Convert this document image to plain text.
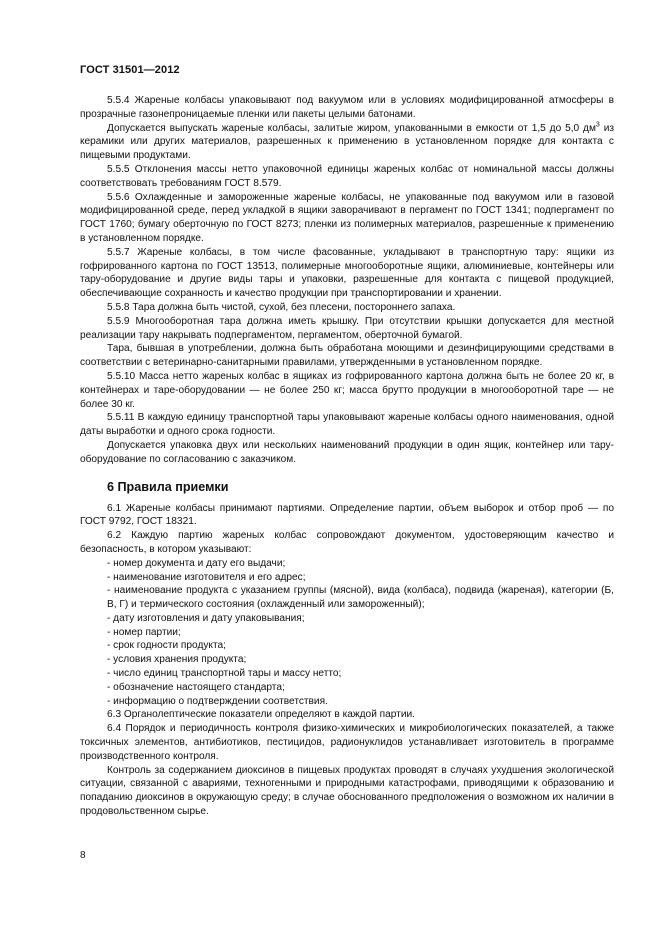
ГОСТ 31501—2012

5.5.4 Жареные колбасы упаковывают под вакуумом или в условиях модифицированной атмосферы в прозрачные газонепроницаемые пленки или пакеты целыми батонами.

Допускается выпускать жареные колбасы, залитые жиром, упакованными в емкости от 1,5 до 5,0 $дм^3$ из керамики или других материалов, разрешенных к применению в установленном порядке для контакта с пищевыми продуктами.

5.5.5 Отклонения массы нетто упаковочной единицы жареных колбас от номинальной массы должны соответствовать требованиям ГОСТ 8.579.

5.5.6 Охлажденные и замороженные жареные колбасы, не упакованные под вакуумом или в газовой модифицированной среде, перед укладкой в ящики заворачивают в пергамент по ГОСТ 1341; подпергамент по ГОСТ 1760; бумагу оберточную по ГОСТ 8273; пленки из полимерных материалов, разрешенные к применению в установленном порядке.

5.5.7 Жареные колбасы, в том числе фасованные, укладывают в транспортную тару: ящики из гофрированного картона по ГОСТ 13513, полимерные многооборотные ящики, алюминиевые, контейнеры или тару-оборудование и другие виды тары и упаковки, разрешенные для контакта с пищевой продукцией, обеспечивающие сохранность и качество продукции при транспортировании и хранении.

5.5.8 Тара должна быть чистой, сухой, без плесени, постороннего запаха.

5.5.9 Многооборотная тара должна иметь крышку. При отсутствии крышки допускается для местной реализации тару накрывать подпергаментом, пергаментом, оберточной бумагой.

Тара, бывшая в употреблении, должна быть обработана моющими и дезинфицирующими средствами в соответствии с ветеринарно-санитарными правилами, утвержденными в установленном порядке.

5.5.10 Масса нетто жареных колбас в ящиках из гофрированного картона должна быть не более 20 кг, в контейнерах и таре-оборудовании — не более 250 кг; масса брутто продукции в многооборотной таре — не более 30 кг.

5.5.11 В каждую единицу транспортной тары упаковывают жареные колбасы одного наименования, одной даты выработки и одного срока годности.

Допускается упаковка двух или нескольких наименований продукции в один ящик, контейнер или тару-оборудование по согласованию с заказчиком.

6 Правила приемки

6.1 Жареные колбасы принимают партиями. Определение партии, объем выборок и отбор проб — по ГОСТ 9792, ГОСТ 18321.

6.2 Каждую партию жареных колбас сопровождают документом, удостоверяющим качество и безопасность, в котором указывают:

- номер документа и дату его выдачи;

- наименование изготовителя и его адрес;

- наименование продукта с указанием группы (мясной), вида (колбаса), подвида (жареная), категории (Б, В, Г) и термического состояния (охлажденный или замороженный);

- дату изготовления и дату упаковывания;

- номер партии;

- срок годности продукта;

- условия хранения продукта;

- число единиц транспортной тары и массу нетто;

- обозначение настоящего стандарта;

- информацию о подтверждении соответствия.

6.3 Органолептические показатели определяют в каждой партии.

6.4 Порядок и периодичность контроля физико-химических и микробиологических показателей, а также токсичных элементов, антибиотиков, пестицидов, радионуклидов устанавливает изготовитель в программе производственного контроля.

Контроль за содержанием диоксинов в пищевых продуктах проводят в случаях ухудшения экологической ситуации, связанной с авариями, техногенными и природными катастрофами, приводящими к образованию и попаданию диоксинов в окружающую среду; в случае обоснованного предположения о возможном их наличии в продовольственном сырье.

8
